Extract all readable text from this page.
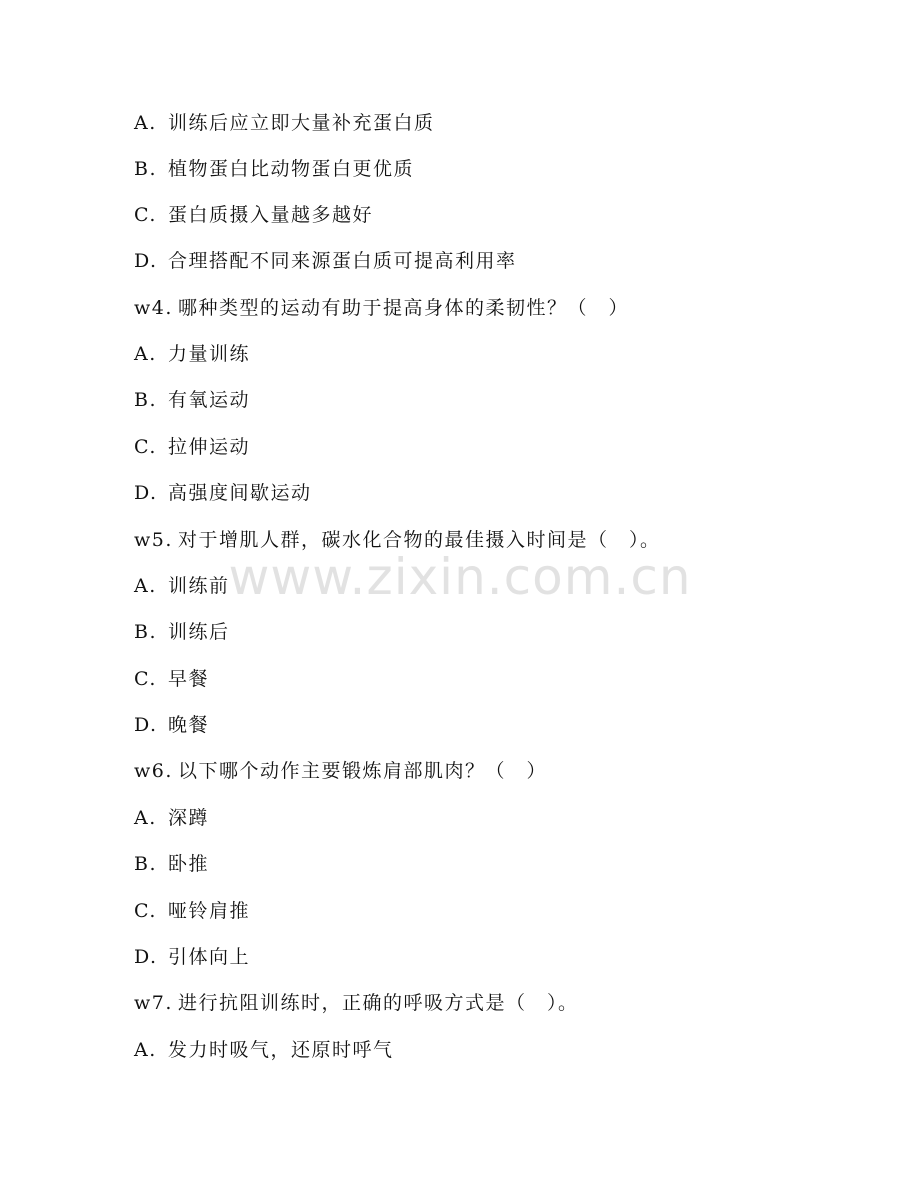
A. 训练后应立即大量补充蛋白质
B. 植物蛋白比动物蛋白更优质
C. 蛋白质摄入量越多越好
D. 合理搭配不同来源蛋白质可提高利用率
w4. 哪种类型的运动有助于提高身体的柔韧性？（　）
A. 力量训练
B. 有氧运动
C. 拉伸运动
D. 高强度间歇运动
w5. 对于增肌人群，碳水化合物的最佳摄入时间是（　）。
A. 训练前
B. 训练后
C. 早餐
D. 晚餐
w6. 以下哪个动作主要锻炼肩部肌肉？（　）
A. 深蹲
B. 卧推
C. 哑铃肩推
D. 引体向上
w7. 进行抗阻训练时，正确的呼吸方式是（　）。
A. 发力时吸气，还原时呼气
www.zixin.com.cn
